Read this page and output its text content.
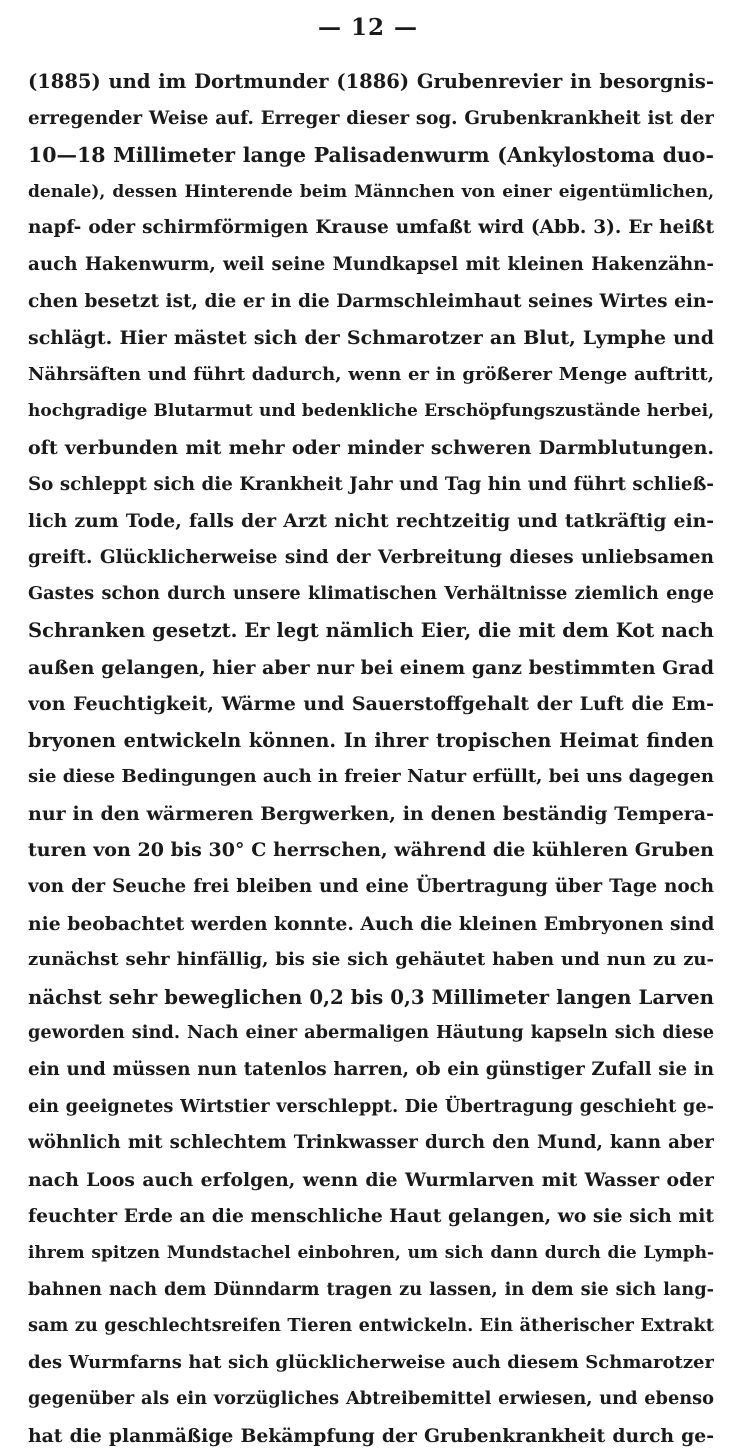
— 12 —
(1885) und im Dortmunder (1886) Grubenrevier in besorgnis-
erregender Weise auf. Erreger dieser sog. Grubenkrankheit ist der
10—18 Millimeter lange Palisadenwurm (Ankylostoma duo-
denale), dessen Hinterende beim Männchen von einer eigentümlichen,
napf- oder schirmförmigen Krause umfaßt wird (Abb. 3). Er heißt
auch Hakenwurm, weil seine Mundkapsel mit kleinen Hakenzähn-
chen besetzt ist, die er in die Darmschleimhaut seines Wirtes ein-
schlägt. Hier mästet sich der Schmarotzer an Blut, Lymphe und
Nährsäften und führt dadurch, wenn er in größerer Menge auftritt,
hochgradige Blutarmut und bedenkliche Erschöpfungszustände herbei,
oft verbunden mit mehr oder minder schweren Darmblutungen.
So schleppt sich die Krankheit Jahr und Tag hin und führt schließ-
lich zum Tode, falls der Arzt nicht rechtzeitig und tatkräftig ein-
greift. Glücklicherweise sind der Verbreitung dieses unliebsamen
Gastes schon durch unsere klimatischen Verhältnisse ziemlich enge
Schranken gesetzt. Er legt nämlich Eier, die mit dem Kot nach
außen gelangen, hier aber nur bei einem ganz bestimmten Grad
von Feuchtigkeit, Wärme und Sauerstoffgehalt der Luft die Em-
bryonen entwickeln können. In ihrer tropischen Heimat finden
sie diese Bedingungen auch in freier Natur erfüllt, bei uns dagegen
nur in den wärmeren Bergwerken, in denen beständig Tempera-
turen von 20 bis 30° C herrschen, während die kühleren Gruben
von der Seuche frei bleiben und eine Übertragung über Tage noch
nie beobachtet werden konnte. Auch die kleinen Embryonen sind
zunächst sehr hinfällig, bis sie sich gehäutet haben und nun zu zu-
nächst sehr beweglichen 0,2 bis 0,3 Millimeter langen Larven
geworden sind. Nach einer abermaligen Häutung kapseln sich diese
ein und müssen nun tatenlos harren, ob ein günstiger Zufall sie in
ein geeignetes Wirtstier verschleppt. Die Übertragung geschieht ge-
wöhnlich mit schlechtem Trinkwasser durch den Mund, kann aber
nach Loos auch erfolgen, wenn die Wurmlarven mit Wasser oder
feuchter Erde an die menschliche Haut gelangen, wo sie sich mit
ihrem spitzen Mundstachel einbohren, um sich dann durch die Lymph-
bahnen nach dem Dünndarm tragen zu lassen, in dem sie sich lang-
sam zu geschlechtsreifen Tieren entwickeln. Ein ätherischer Extrakt
des Wurmfarns hat sich glücklicherweise auch diesem Schmarotzer
gegenüber als ein vorzügliches Abtreibemittel erwiesen, und ebenso
hat die planmäßige Bekämpfung der Grubenkrankheit durch ge-
